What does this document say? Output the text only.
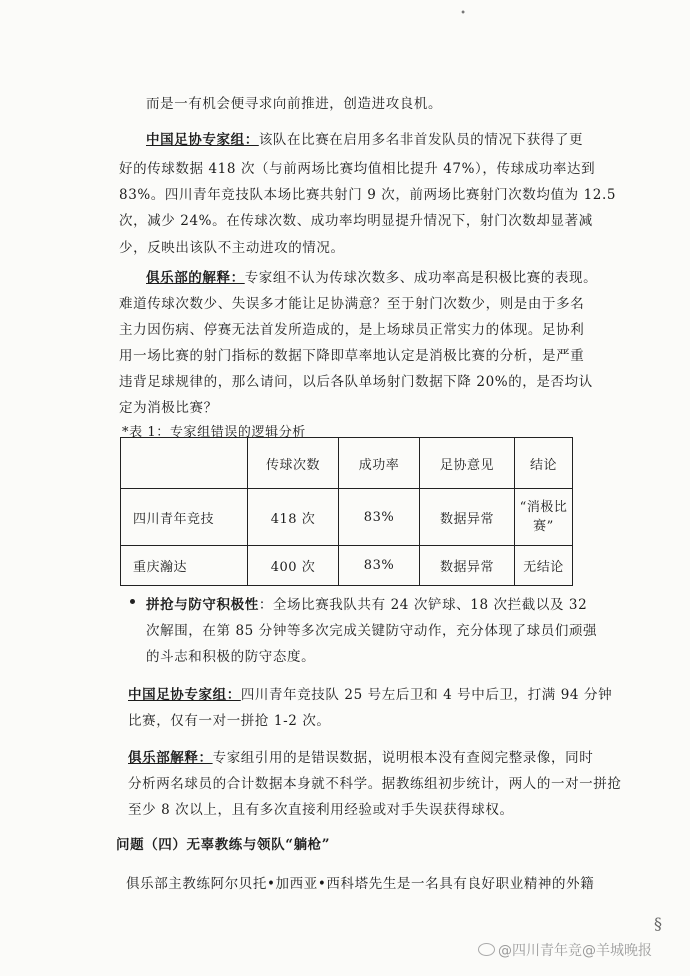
•
而是一有机会便寻求向前推进，创造进攻良机。
中国足协专家组：该队在比赛在启用多名非首发队员的情况下获得了更
好的传球数据 418 次（与前两场比赛均值相比提升 47%），传球成功率达到
83%。四川青年竞技队本场比赛共射门 9 次，前两场比赛射门次数均值为 12.5
次，减少 24%。在传球次数、成功率均明显提升情况下，射门次数却显著减
少，反映出该队不主动进攻的情况。
俱乐部的解释：专家组不认为传球次数多、成功率高是积极比赛的表现。
难道传球次数少、失误多才能让足协满意？至于射门次数少，则是由于多名
主力因伤病、停赛无法首发所造成的，是上场球员正常实力的体现。足协利
用一场比赛的射门指标的数据下降即草率地认定是消极比赛的分析，是严重
违背足球规律的，那么请问，以后各队单场射门数据下降 20%的，是否均认
定为消极比赛？
*表 1：专家组错误的逻辑分析
	传球次数	成功率	足协意见	结论
四川青年竞技	418 次	83%	数据异常	“消极比
赛”
重庆瀚达	400 次	83%	数据异常	无结论
拼抢与防守积极性：全场比赛我队共有 24 次铲球、18 次拦截以及 32
次解围，在第 85 分钟等多次完成关键防守动作，充分体现了球员们顽强
的斗志和积极的防守态度。
中国足协专家组：四川青年竞技队 25 号左后卫和 4 号中后卫，打满 94 分钟
比赛，仅有一对一拼抢 1-2 次。
俱乐部解释：专家组引用的是错误数据，说明根本没有查阅完整录像，同时
分析两名球员的合计数据本身就不科学。据教练组初步统计，两人的一对一拼抢
至少 8 次以上，且有多次直接利用经验或对手失误获得球权。
问题（四）无辜教练与领队“躺枪”
俱乐部主教练阿尔贝托•加西亚•西科塔先生是一名具有良好职业精神的外籍
§
@四川青年竞@羊城晚报
